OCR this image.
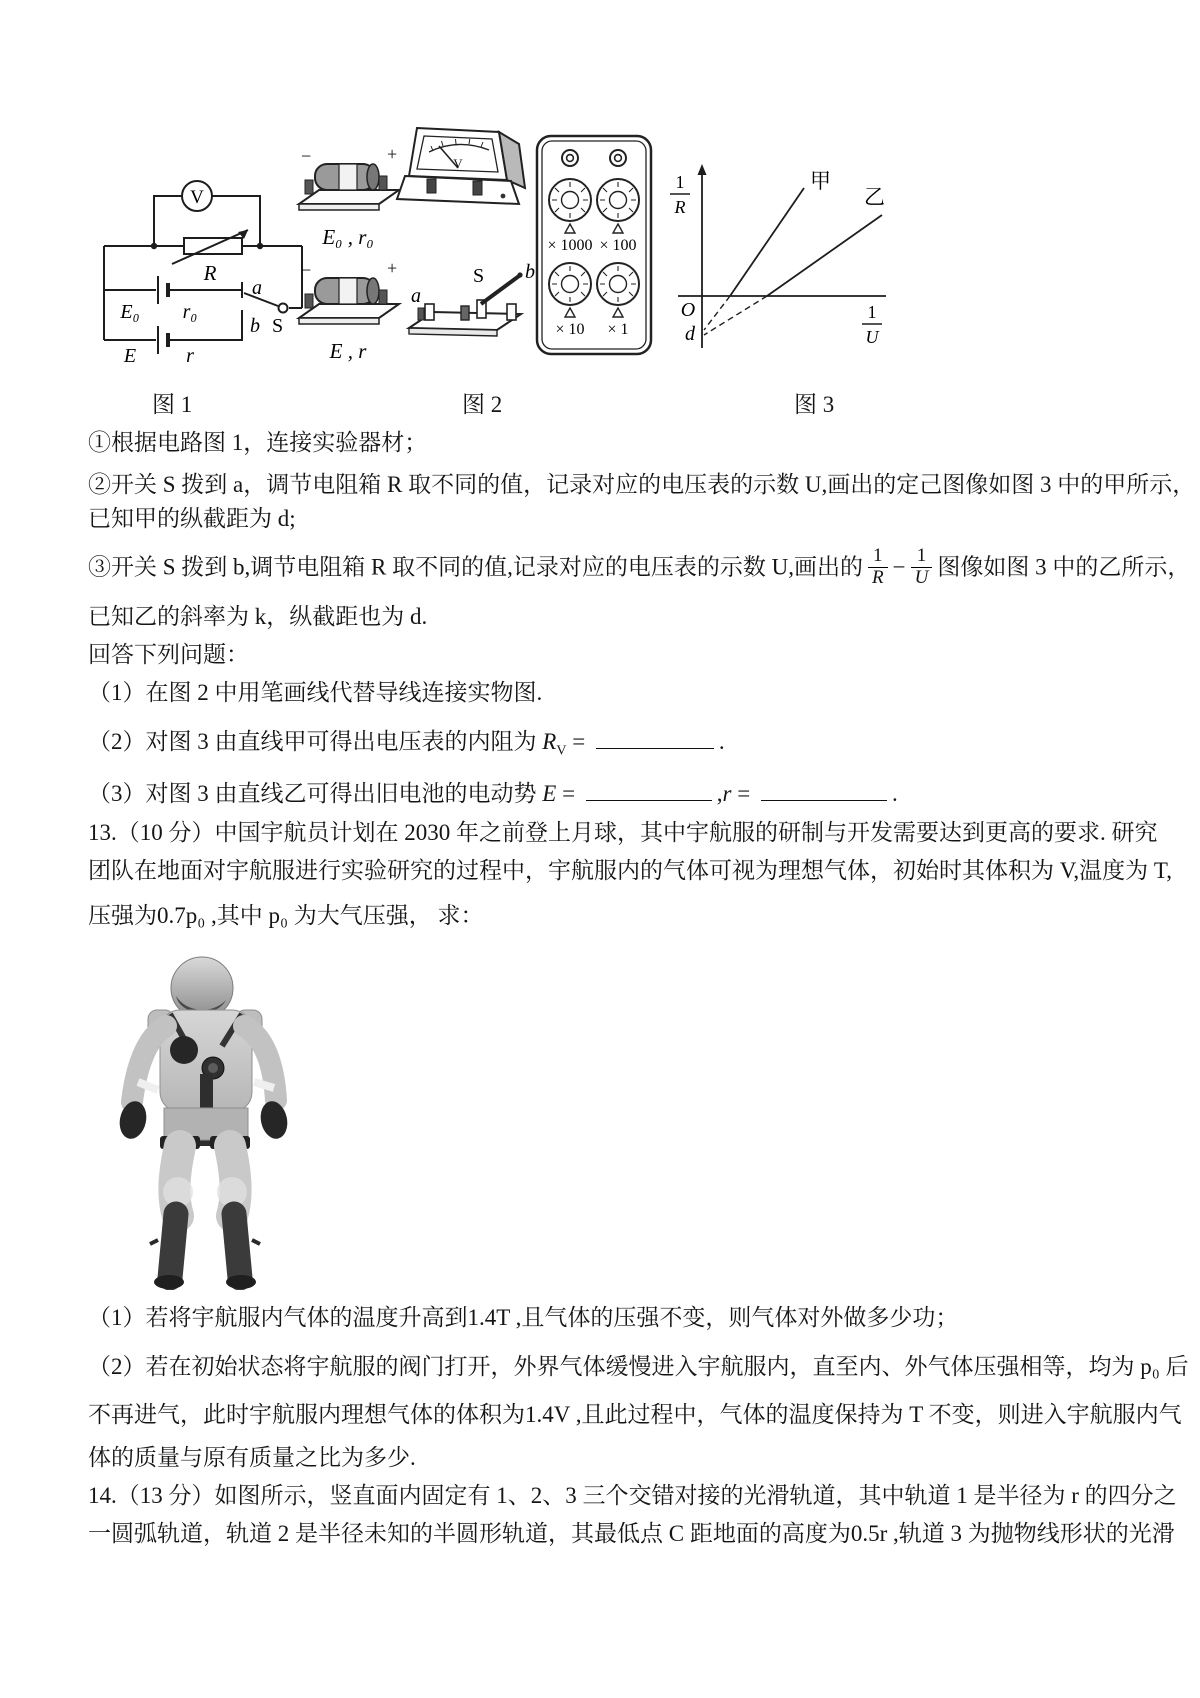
V
R
E₀ r₀
E r
a
b S
−	+
E₀ , r₀
−	+
E , r
V
a
S b
× 1000 × 100
× 10 × 1
1
R
1
U
甲
乙
O
d
图 1	图 2	图 3
①根据电路图 1，连接实验器材；
②开关 S 拨到 a，调节电阻箱 R 取不同的值，记录对应的电压表的示数 U,画出的定己图像如图 3 中的甲所示，
已知甲的纵截距为 d;
③开关 S 拨到 b,调节电阻箱 R 取不同的值,记录对应的电压表的示数 U,画出的 $\frac{1}{R} - \frac{1}{U}$ 图像如图 3 中的乙所示，
已知乙的斜率为 k，纵截距也为 d.
回答下列问题：
（1）在图 2 中用笔画线代替导线连接实物图.
（2）对图 3 由直线甲可得出电压表的内阻为 $R_V$ =	.
（3）对图 3 由直线乙可得出旧电池的电动势 E =	,r =	.
13.（10 分）中国宇航员计划在 2030 年之前登上月球，其中宇航服的研制与开发需要达到更高的要求. 研究
团队在地面对宇航服进行实验研究的过程中，宇航服内的气体可视为理想气体，初始时其体积为 V,温度为 T,
压强为0.7p₀ ,其中 p₀ 为大气压强， 求：
（1）若将宇航服内气体的温度升高到1.4T ,且气体的压强不变，则气体对外做多少功；
（2）若在初始状态将宇航服的阀门打开，外界气体缓慢进入宇航服内，直至内、外气体压强相等，均为 p₀ 后
不再进气，此时宇航服内理想气体的体积为1.4V ,且此过程中，气体的温度保持为 T 不变，则进入宇航服内气
体的质量与原有质量之比为多少.
14.（13 分）如图所示，竖直面内固定有 1、2、3 三个交错对接的光滑轨道，其中轨道 1 是半径为 r 的四分之
一圆弧轨道，轨道 2 是半径未知的半圆形轨道，其最低点 C 距地面的高度为0.5r ,轨道 3 为抛物线形状的光滑
